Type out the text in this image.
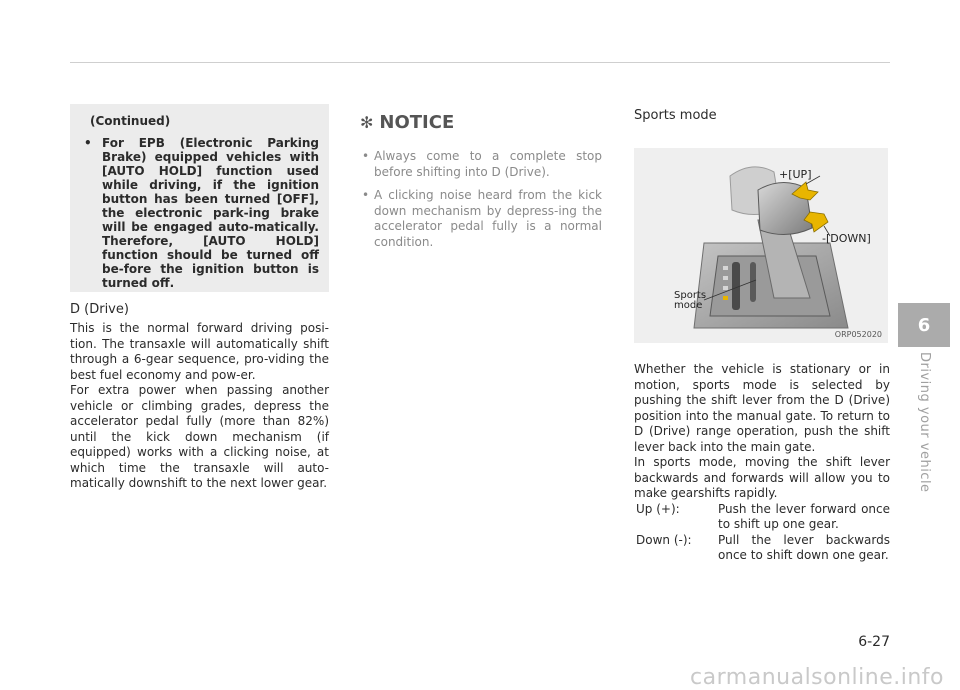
(Continued)
• For EPB (Electronic Parking Brake) equipped vehicles with [AUTO HOLD] function used while driving, if the ignition button has been turned [OFF], the electronic park-ing brake will be engaged auto-matically. Therefore, [AUTO HOLD] function should be turned off be-fore the ignition button is turned off.
D (Drive)

This is the normal forward driving posi-tion. The transaxle will automatically shift through a 6-gear sequence, pro-viding the best fuel economy and pow-er.

For extra power when passing another vehicle or climbing grades, depress the accelerator pedal fully (more than 82%) until the kick down mechanism (if equipped) works with a clicking noise, at which time the transaxle will auto-matically downshift to the next lower gear.

✻ NOTICE
• Always come to a complete stop before shifting into D (Drive).
• A clicking noise heard from the kick down mechanism by depress-ing the accelerator pedal fully is a normal condition.
Sports mode
+[UP]
-[DOWN]
Sports
mode
ORP052020

Whether the vehicle is stationary or in motion, sports mode is selected by pushing the shift lever from the D (Drive) position into the manual gate. To return to D (Drive) range operation, push the shift lever back into the main gate.

In sports mode, moving the shift lever backwards and forwards will allow you to make gearshifts rapidly.

Up (+):	Push the lever forward once to shift up one gear.
Down (-):	Pull the lever backwards once to shift down one gear.
6
Driving your vehicle
6-27
carmanualsonline.info
